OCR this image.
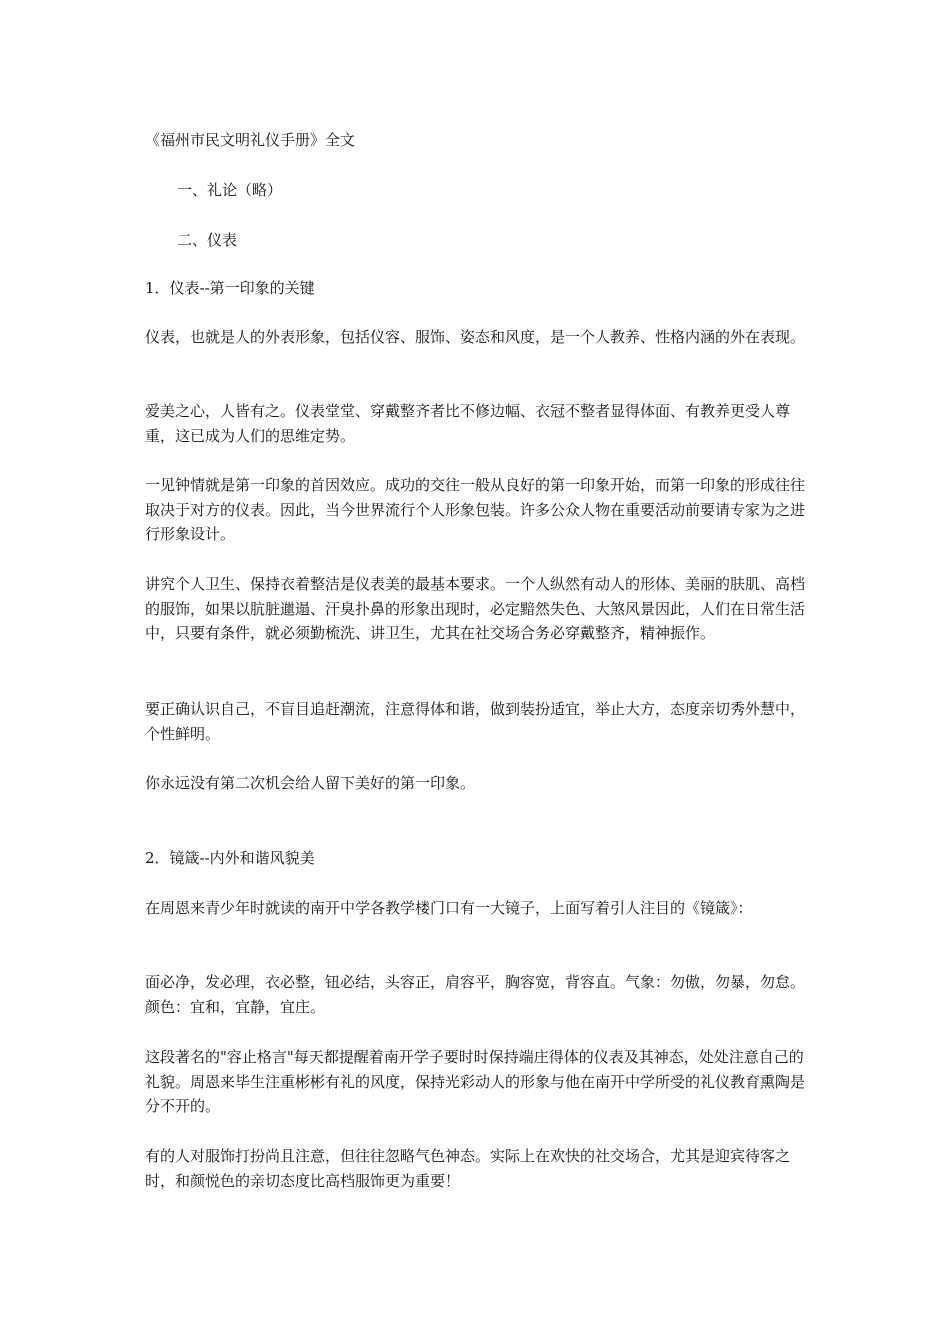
《福州市民文明礼仪手册》全文

一、礼论（略）

二、仪表

1．仪表--第一印象的关键

仪表，也就是人的外表形象，包括仪容、服饰、姿态和风度，是一个人教养、性格内涵的外在表现。

爱美之心，人皆有之。仪表堂堂、穿戴整齐者比不修边幅、衣冠不整者显得体面、有教养更受人尊重，这已成为人们的思维定势。

一见钟情就是第一印象的首因效应。成功的交往一般从良好的第一印象开始，而第一印象的形成往往取决于对方的仪表。因此，当今世界流行个人形象包装。许多公众人物在重要活动前要请专家为之进行形象设计。

讲究个人卫生、保持衣着整洁是仪表美的最基本要求。一个人纵然有动人的形体、美丽的肤肌、高档的服饰，如果以肮脏邋遢、汗臭扑鼻的形象出现时，必定黯然失色、大煞风景因此，人们在日常生活中，只要有条件，就必须勤梳洗、讲卫生，尤其在社交场合务必穿戴整齐，精神振作。

要正确认识自己，不盲目追赶潮流，注意得体和谐，做到装扮适宜，举止大方，态度亲切秀外慧中，个性鲜明。

你永远没有第二次机会给人留下美好的第一印象。

2．镜箴--内外和谐风貌美

在周恩来青少年时就读的南开中学各教学楼门口有一大镜子，上面写着引人注目的《镜箴》：

面必净，发必理，衣必整，钮必结，头容正，肩容平，胸容宽，背容直。气象：勿傲，勿暴，勿怠。颜色：宜和，宜静，宜庄。

这段著名的"容止格言"每天都提醒着南开学子要时时保持端庄得体的仪表及其神态，处处注意自己的礼貌。周恩来毕生注重彬彬有礼的风度，保持光彩动人的形象与他在南开中学所受的礼仪教育熏陶是分不开的。

有的人对服饰打扮尚且注意，但往往忽略气色神态。实际上在欢快的社交场合，尤其是迎宾待客之时，和颜悦色的亲切态度比高档服饰更为重要！
